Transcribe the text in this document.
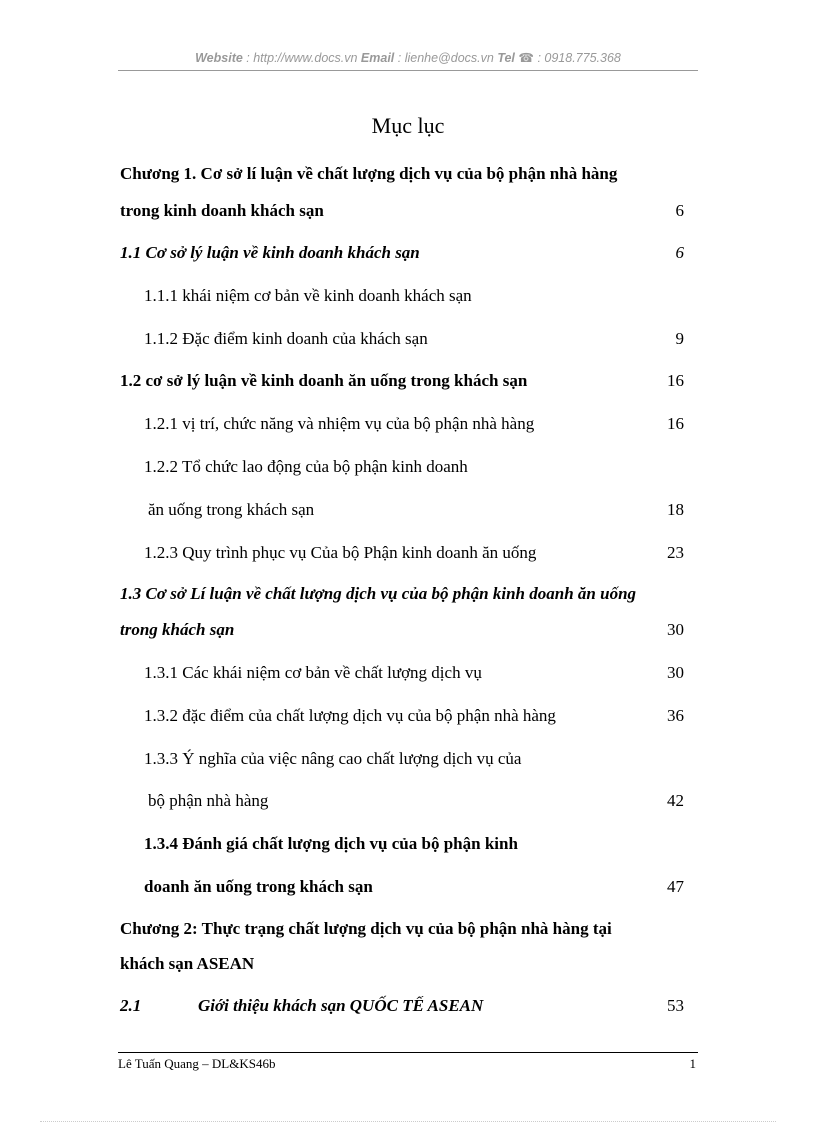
Website : http://www.docs.vn Email : lienhe@docs.vn Tel ☎ : 0918.775.368
Mục lục
Chương 1. Cơ sở lí luận về chất lượng dịch vụ của bộ phận nhà hàng
trong kinh doanh khách sạn	6
1.1 Cơ sở lý luận về kinh doanh khách sạn	6
1.1.1 khái niệm cơ bản về kinh doanh khách sạn
1.1.2 Đặc điểm kinh doanh của khách sạn	9
1.2 cơ sở lý luận về kinh doanh ăn uống trong khách sạn	16
1.2.1 vị trí, chức năng và nhiệm vụ của bộ phận nhà hàng	16
1.2.2 Tổ chức lao động của bộ phận kinh doanh
ăn uống trong khách sạn	18
1.2.3 Quy trình phục vụ Của bộ Phận kinh doanh ăn uống	23
1.3 Cơ sở Lí luận về chất lượng dịch vụ của bộ phận kinh doanh ăn uống
trong khách sạn	30
1.3.1 Các khái niệm cơ bản về chất lượng dịch vụ	30
1.3.2 đặc điểm của chất lượng dịch vụ của bộ phận nhà hàng	36
1.3.3 Ý nghĩa của việc nâng cao chất lượng dịch vụ của
bộ phận nhà hàng	42
1.3.4 Đánh giá chất lượng dịch vụ của bộ phận kinh
doanh ăn uống trong khách sạn	47
Chương 2: Thực trạng chất lượng dịch vụ của bộ phận nhà hàng tại
khách sạn ASEAN
2.1	Giới thiệu khách sạn QUỐC TẾ ASEAN	53
Lê Tuấn Quang – DL&KS46b	1
